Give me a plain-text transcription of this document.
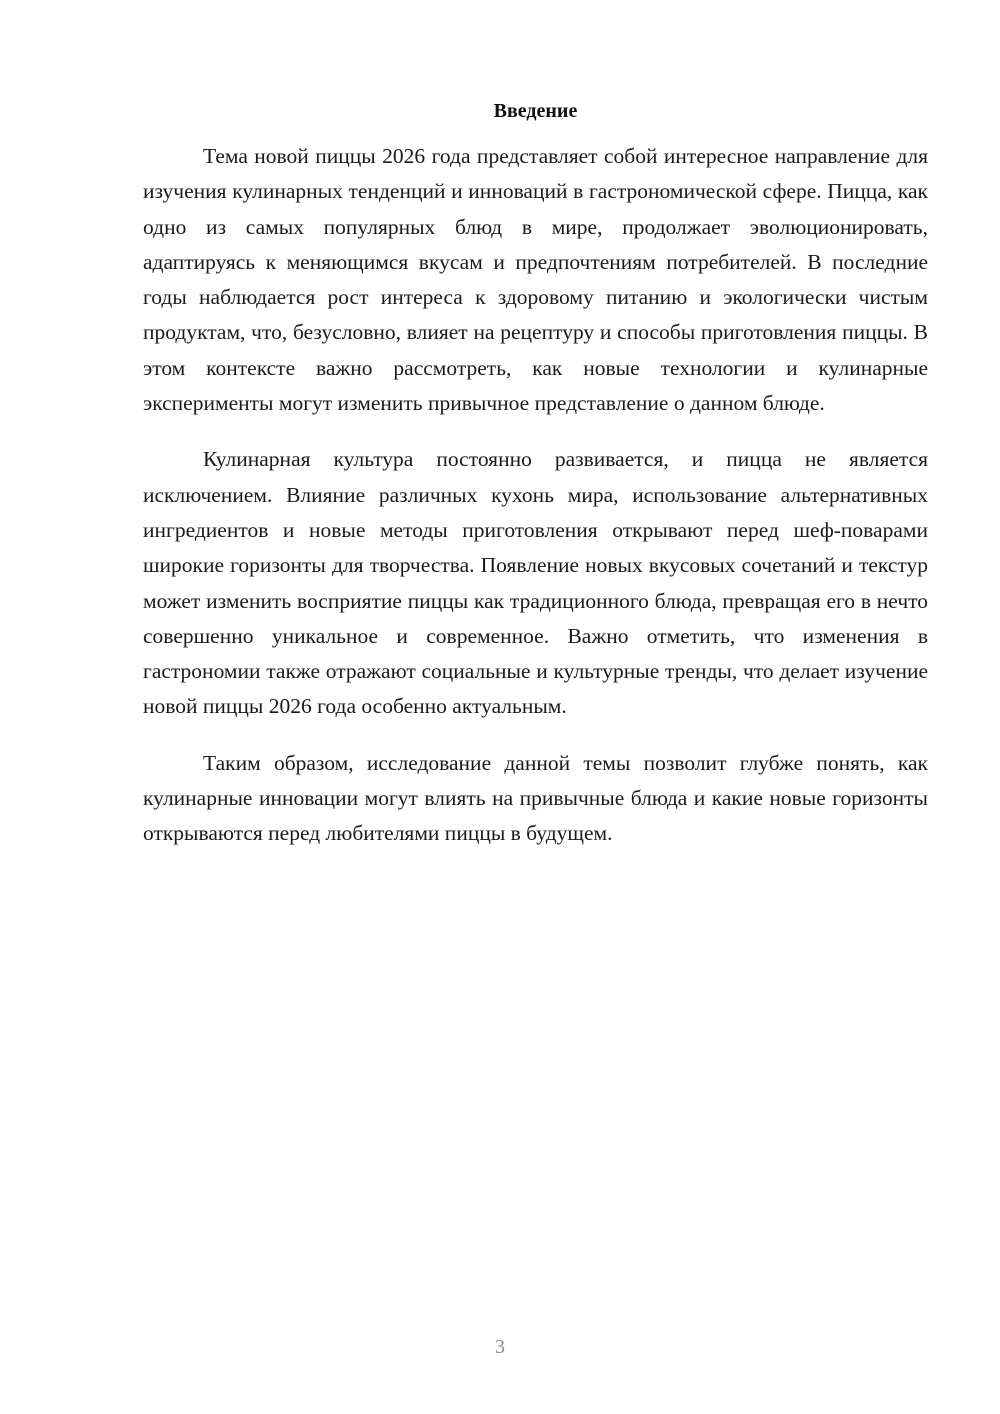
Введение

Тема новой пиццы 2026 года представляет собой интересное направление для изучения кулинарных тенденций и инноваций в гастрономической сфере. Пицца, как одно из самых популярных блюд в мире, продолжает эволюционировать, адаптируясь к меняющимся вкусам и предпочтениям потребителей. В последние годы наблюдается рост интереса к здоровому питанию и экологически чистым продуктам, что, безусловно, влияет на рецептуру и способы приготовления пиццы. В этом контексте важно рассмотреть, как новые технологии и кулинарные эксперименты могут изменить привычное представление о данном блюде.

Кулинарная культура постоянно развивается, и пицца не является исключением. Влияние различных кухонь мира, использование альтернативных ингредиентов и новые методы приготовления открывают перед шеф-поварами широкие горизонты для творчества. Появление новых вкусовых сочетаний и текстур может изменить восприятие пиццы как традиционного блюда, превращая его в нечто совершенно уникальное и современное. Важно отметить, что изменения в гастрономии также отражают социальные и культурные тренды, что делает изучение новой пиццы 2026 года особенно актуальным.

Таким образом, исследование данной темы позволит глубже понять, как кулинарные инновации могут влиять на привычные блюда и какие новые горизонты открываются перед любителями пиццы в будущем.

3
